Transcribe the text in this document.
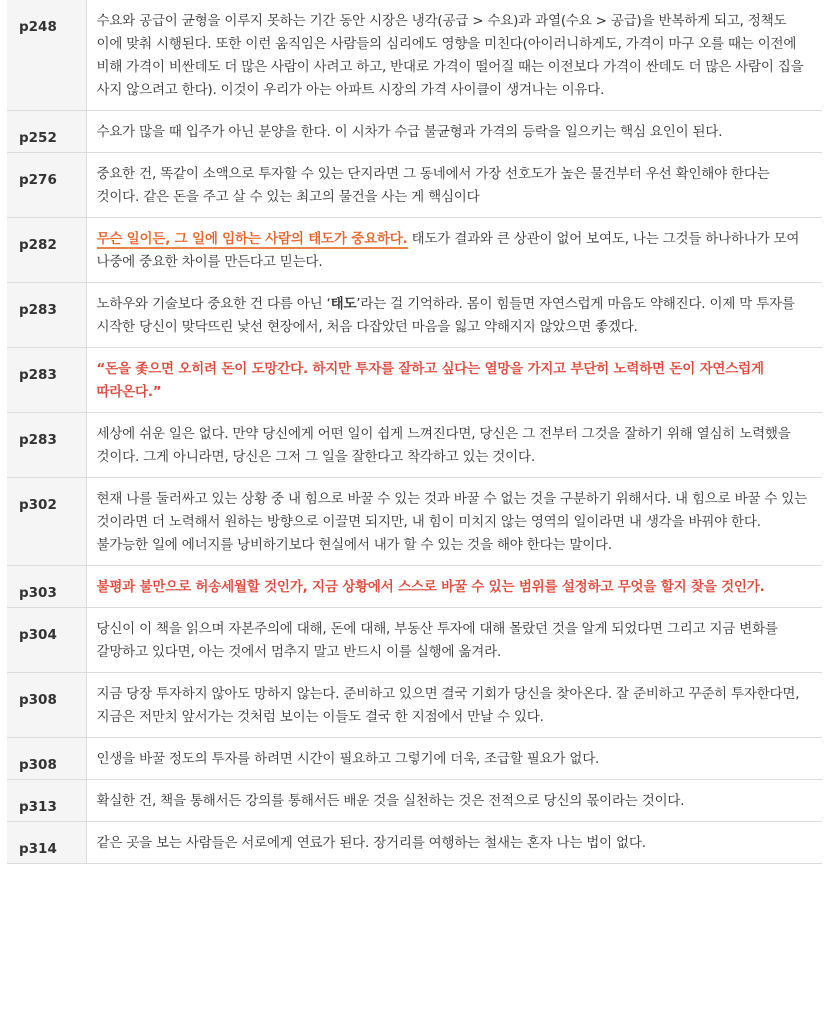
p248	수요와 공급이 균형을 이루지 못하는 기간 동안 시장은 냉각(공급 > 수요)과 과열(수요 > 공급)을 반복하게 되고, 정책도 이에 맞춰 시행된다. 또한 이런 움직임은 사람들의 심리에도 영향을 미친다(아이러니하게도, 가격이 마구 오를 때는 이전에 비해 가격이 비싼데도 더 많은 사람이 사려고 하고, 반대로 가격이 떨어질 때는 이전보다 가격이 싼데도 더 많은 사람이 집을 사지 않으려고 한다). 이것이 우리가 아는 아파트 시장의 가격 사이클이 생겨나는 이유다.
p252	수요가 많을 때 입주가 아닌 분양을 한다. 이 시차가 수급 불균형과 가격의 등락을 일으키는 핵심 요인이 된다.
p276	중요한 건, 똑같이 소액으로 투자할 수 있는 단지라면 그 동네에서 가장 선호도가 높은 물건부터 우선 확인해야 한다는 것이다. 같은 돈을 주고 살 수 있는 최고의 물건을 사는 게 핵심이다
p282	무슨 일이든, 그 일에 임하는 사람의 태도가 중요하다. 태도가 결과와 큰 상관이 없어 보여도, 나는 그것들 하나하나가 모여 나중에 중요한 차이를 만든다고 믿는다.
p283	노하우와 기술보다 중요한 건 다름 아닌 ‘태도’라는 걸 기억하라. 몸이 힘들면 자연스럽게 마음도 약해진다. 이제 막 투자를 시작한 당신이 맞닥뜨린 낯선 현장에서, 처음 다잡았던 마음을 잃고 약해지지 않았으면 좋겠다.
p283	“돈을 좇으면 오히려 돈이 도망간다. 하지만 투자를 잘하고 싶다는 열망을 가지고 부단히 노력하면 돈이 자연스럽게 따라온다.”
p283	세상에 쉬운 일은 없다. 만약 당신에게 어떤 일이 쉽게 느껴진다면, 당신은 그 전부터 그것을 잘하기 위해 열심히 노력했을 것이다. 그게 아니라면, 당신은 그저 그 일을 잘한다고 착각하고 있는 것이다.
p302	현재 나를 둘러싸고 있는 상황 중 내 힘으로 바꿀 수 있는 것과 바꿀 수 없는 것을 구분하기 위해서다. 내 힘으로 바꿀 수 있는 것이라면 더 노력해서 원하는 방향으로 이끌면 되지만, 내 힘이 미치지 않는 영역의 일이라면 내 생각을 바꿔야 한다. 불가능한 일에 에너지를 낭비하기보다 현실에서 내가 할 수 있는 것을 해야 한다는 말이다.
p303	불평과 불만으로 허송세월할 것인가, 지금 상황에서 스스로 바꿀 수 있는 범위를 설정하고 무엇을 할지 찾을 것인가.
p304	당신이 이 책을 읽으며 자본주의에 대해, 돈에 대해, 부동산 투자에 대해 몰랐던 것을 알게 되었다면 그리고 지금 변화를 갈망하고 있다면, 아는 것에서 멈추지 말고 반드시 이를 실행에 옮겨라.
p308	지금 당장 투자하지 않아도 망하지 않는다. 준비하고 있으면 결국 기회가 당신을 찾아온다. 잘 준비하고 꾸준히 투자한다면, 지금은 저만치 앞서가는 것처럼 보이는 이들도 결국 한 지점에서 만날 수 있다.
p308	인생을 바꿀 정도의 투자를 하려면 시간이 필요하고 그렇기에 더욱, 조급할 필요가 없다.
p313	확실한 건, 책을 통해서든 강의를 통해서든 배운 것을 실천하는 것은 전적으로 당신의 몫이라는 것이다.
p314	같은 곳을 보는 사람들은 서로에게 연료가 된다. 장거리를 여행하는 철새는 혼자 나는 법이 없다.
